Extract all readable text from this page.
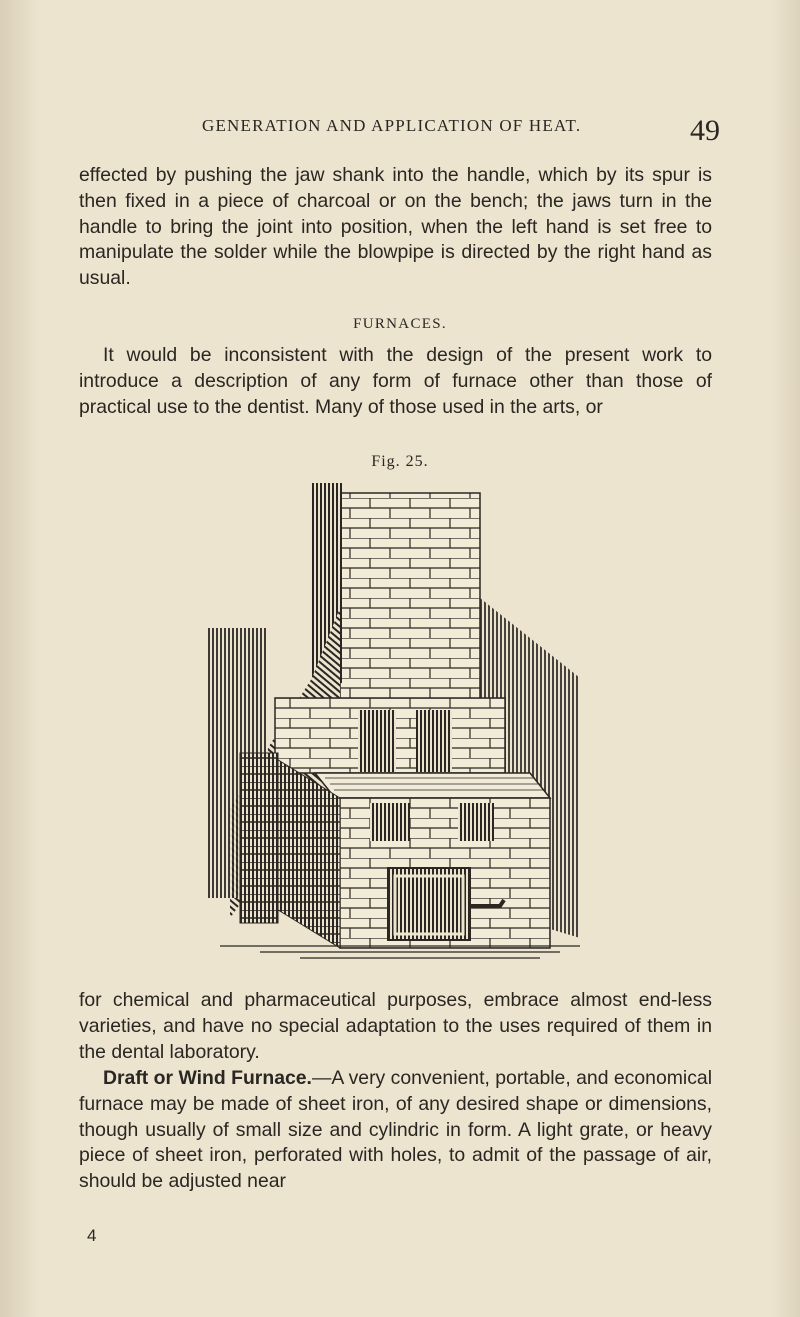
GENERATION AND APPLICATION OF HEAT.	49

effected by pushing the jaw shank into the handle, which by its spur is then fixed in a piece of charcoal or on the bench; the jaws turn in the handle to bring the joint into position, when the left hand is set free to manipulate the solder while the blowpipe is directed by the right hand as usual.

FURNACES.

It would be inconsistent with the design of the present work to introduce a description of any form of furnace other than those of practical use to the dentist. Many of those used in the arts, or

Fig. 25.

for chemical and pharmaceutical purposes, embrace almost end-less varieties, and have no special adaptation to the uses required of them in the dental laboratory.

Draft or Wind Furnace.—A very convenient, portable, and economical furnace may be made of sheet iron, of any desired shape or dimensions, though usually of small size and cylindric in form. A light grate, or heavy piece of sheet iron, perforated with holes, to admit of the passage of air, should be adjusted near

4
